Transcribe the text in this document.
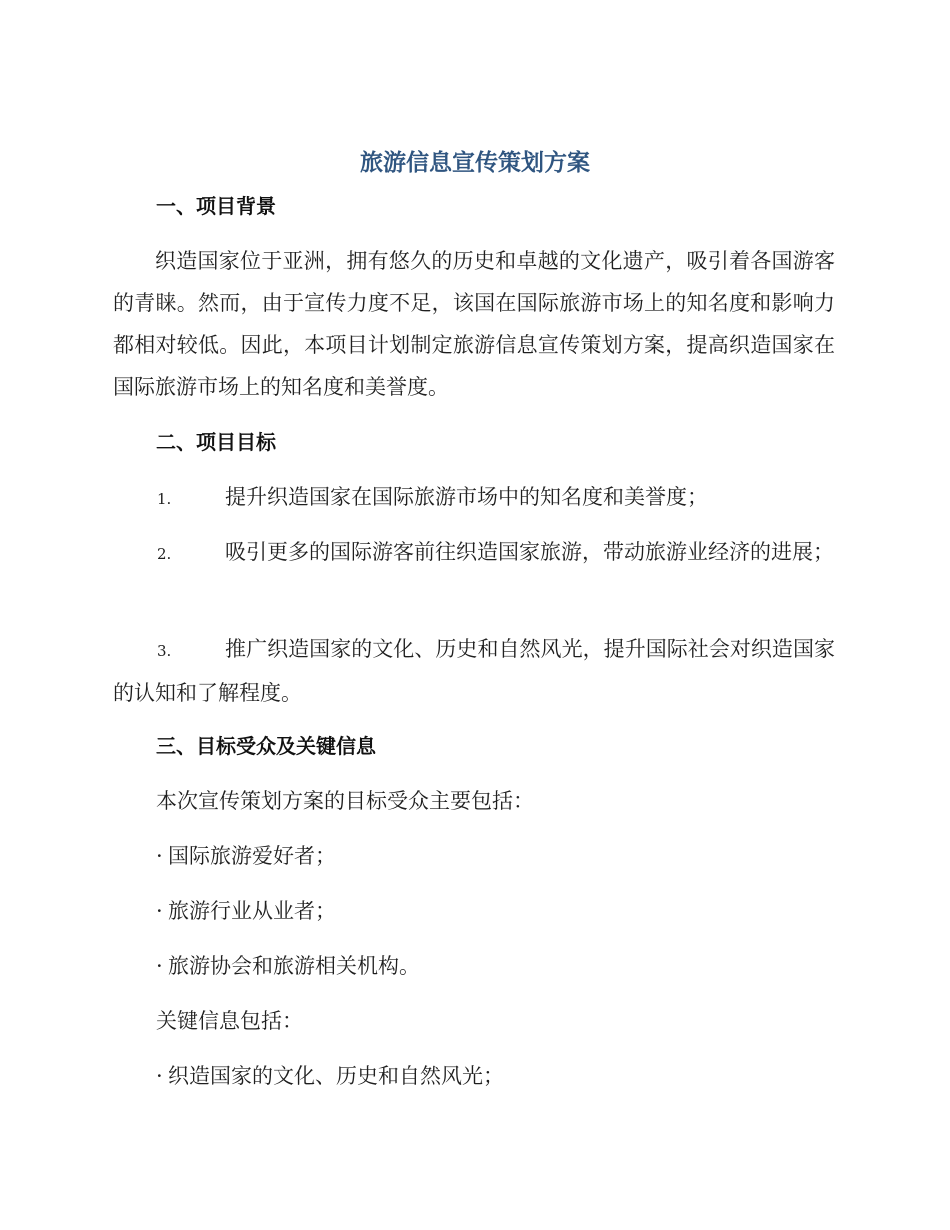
旅游信息宣传策划方案
一、项目背景

织造国家位于亚洲，拥有悠久的历史和卓越的文化遗产，吸引着各国游客的青睐。然而，由于宣传力度不足，该国在国际旅游市场上的知名度和影响力都相对较低。因此，本项目计划制定旅游信息宣传策划方案，提高织造国家在国际旅游市场上的知名度和美誉度。

二、项目目标
1.	提升织造国家在国际旅游市场中的知名度和美誉度；
2.	吸引更多的国际游客前往织造国家旅游，带动旅游业经济的进展；
3.	推广织造国家的文化、历史和自然风光，提升国际社会对织造国家的认知和了解程度。
三、目标受众及关键信息

本次宣传策划方案的目标受众主要包括：

· 国际旅游爱好者；

· 旅游行业从业者；

· 旅游协会和旅游相关机构。

关键信息包括：

· 织造国家的文化、历史和自然风光；
